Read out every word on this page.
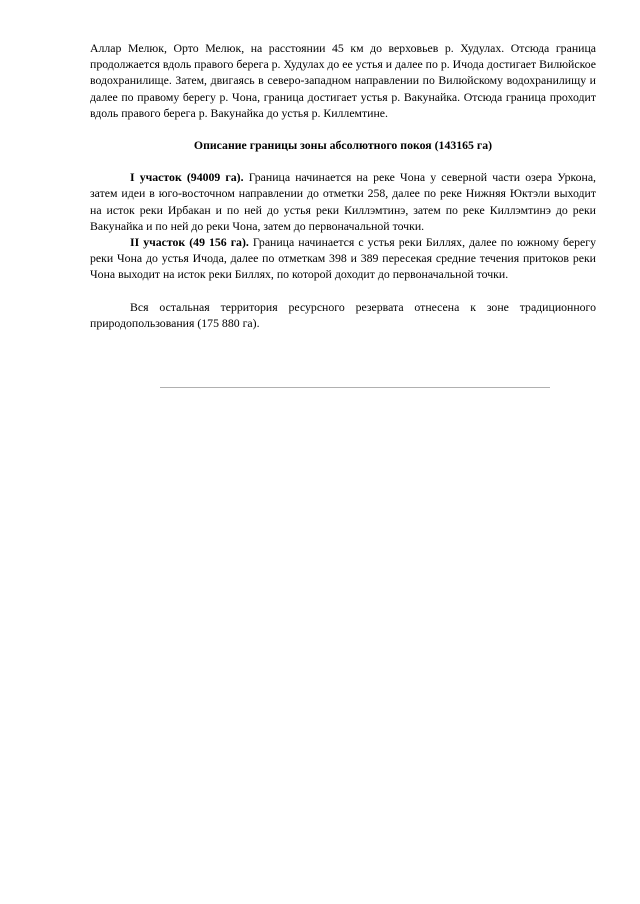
Аллар Мелюк, Орто Мелюк, на расстоянии 45 км до верховьев р. Худулах. Отсюда граница продолжается вдоль правого берега р. Худулах до ее устья и далее по р. Ичода достигает Вилюйское водохранилище. Затем, двигаясь в северо-западном направлении по Вилюйскому водохранилищу и далее по правому берегу р. Чона, граница достигает устья р. Вакунайка. Отсюда граница проходит вдоль правого берега р. Вакунайка до устья р. Киллемтине.

Описание границы зоны абсолютного покоя (143165 га)

I участок (94009 га). Граница начинается на реке Чона у северной части озера Уркона, затем идеи в юго-восточном направлении до отметки 258, далее по реке Нижняя Юктэли выходит на исток реки Ирбакан и по ней до устья реки Киллэмтинэ, затем по реке Киллэмтинэ до реки Вакунайка и по ней до реки Чона, затем до первоначальной точки.

II участок (49 156 га). Граница начинается с устья реки Биллях, далее по южному берегу реки Чона до устья Ичода, далее по отметкам 398 и 389 пересекая средние течения притоков реки Чона выходит на исток реки Биллях, по которой доходит до первоначальной точки.

Вся остальная территория ресурсного резервата отнесена к зоне традиционного природопользования (175 880 га).
